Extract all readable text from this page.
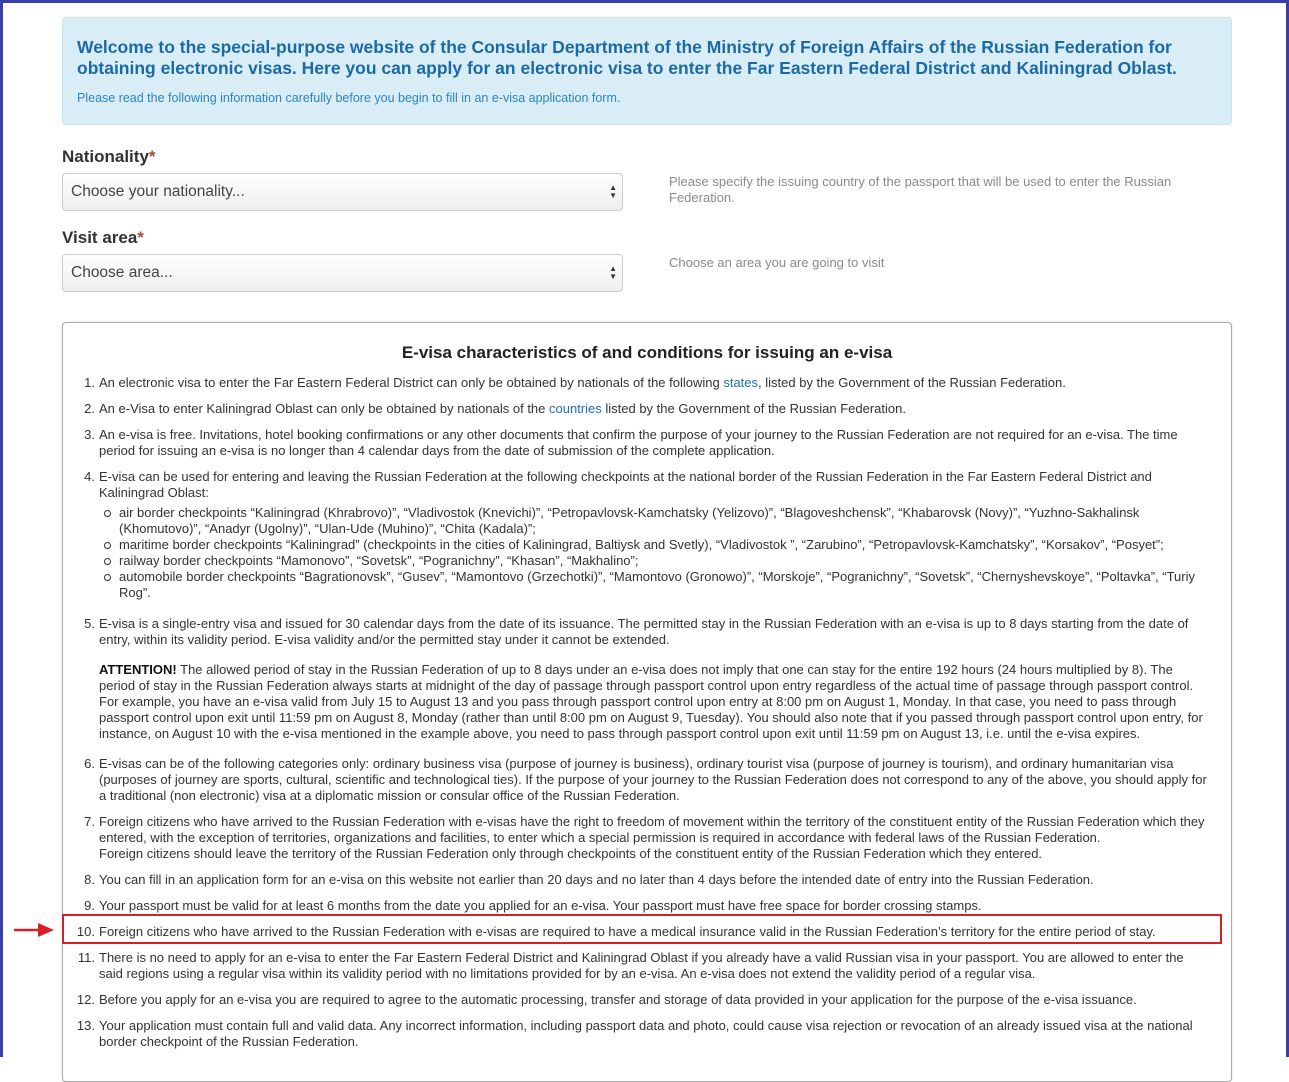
Welcome to the special-purpose website of the Consular Department of the Ministry of Foreign Affairs of the Russian Federation for obtaining electronic visas. Here you can apply for an electronic visa to enter the Far Eastern Federal District and Kaliningrad Oblast.

Please read the following information carefully before you begin to fill in an e-visa application form.

Nationality*
Choose your nationality...	▲
▼
Please specify the issuing country of the passport that will be used to enter the Russian Federation.
Visit area*
Choose area...	▲
▼
Choose an area you are going to visit
E-visa characteristics of and conditions for issuing an e-visa
1. An electronic visa to enter the Far Eastern Federal District can only be obtained by nationals of the following states, listed by the Government of the Russian Federation.
2. An e-Visa to enter Kaliningrad Oblast can only be obtained by nationals of the countries listed by the Government of the Russian Federation.
3. An e-visa is free. Invitations, hotel booking confirmations or any other documents that confirm the purpose of your journey to the Russian Federation are not required for an e-visa. The time period for issuing an e-visa is no longer than 4 calendar days from the date of submission of the complete application.
4. E-visa can be used for entering and leaving the Russian Federation at the following checkpoints at the national border of the Russian Federation in the Far Eastern Federal District and Kaliningrad Oblast:
air border checkpoints “Kaliningrad (Khrabrovo)”, “Vladivostok (Knevichi)”, “Petropavlovsk-Kamchatsky (Yelizovo)”, “Blagoveshchensk”, “Khabarovsk (Novy)”, “Yuzhno-Sakhalinsk (Khomutovo)”, “Anadyr (Ugolny)”, “Ulan-Ude (Muhino)”, “Chita (Kadala)”;
maritime border checkpoints “Kaliningrad” (checkpoints in the cities of Kaliningrad, Baltiysk and Svetly), “Vladivostok ”, “Zarubino”, “Petropavlovsk-Kamchatsky”, “Korsakov”, “Posyet”;
railway border checkpoints “Mamonovo”, “Sovetsk”, “Pogranichny”, “Khasan”, “Makhalino”;
automobile border checkpoints “Bagrationovsk”, “Gusev”, “Mamontovo (Grzechotki)”, “Mamontovo (Gronowo)”, “Morskoje”, “Pogranichny”, “Sovetsk”, “Chernyshevskoye”, “Poltavka”, “Turiy Rog”.
5. E-visa is a single-entry visa and issued for 30 calendar days from the date of its issuance. The permitted stay in the Russian Federation with an e-visa is up to 8 days starting from the date of entry, within its validity period. E-visa validity and/or the permitted stay under it cannot be extended.
ATTENTION! The allowed period of stay in the Russian Federation of up to 8 days under an e-visa does not imply that one can stay for the entire 192 hours (24 hours multiplied by 8). The period of stay in the Russian Federation always starts at midnight of the day of passage through passport control upon entry regardless of the actual time of passage through passport control. For example, you have an e-visa valid from July 15 to August 13 and you pass through passport control upon entry at 8:00 pm on August 1, Monday. In that case, you need to pass through passport control upon exit until 11:59 pm on August 8, Monday (rather than until 8:00 pm on August 9, Tuesday). You should also note that if you passed through passport control upon entry, for instance, on August 10 with the e-visa mentioned in the example above, you need to pass through passport control upon exit until 11:59 pm on August 13, i.e. until the e-visa expires.
6. E-visas can be of the following categories only: ordinary business visa (purpose of journey is business), ordinary tourist visa (purpose of journey is tourism), and ordinary humanitarian visa (purposes of journey are sports, cultural, scientific and technological ties). If the purpose of your journey to the Russian Federation does not correspond to any of the above, you should apply for a traditional (non electronic) visa at a diplomatic mission or consular office of the Russian Federation.
7. Foreign citizens who have arrived to the Russian Federation with e-visas have the right to freedom of movement within the territory of the constituent entity of the Russian Federation which they entered, with the exception of territories, organizations and facilities, to enter which a special permission is required in accordance with federal laws of the Russian Federation.
Foreign citizens should leave the territory of the Russian Federation only through checkpoints of the constituent entity of the Russian Federation which they entered.
8. You can fill in an application form for an e-visa on this website not earlier than 20 days and no later than 4 days before the intended date of entry into the Russian Federation.
9. Your passport must be valid for at least 6 months from the date you applied for an e-visa. Your passport must have free space for border crossing stamps.
10. Foreign citizens who have arrived to the Russian Federation with e-visas are required to have a medical insurance valid in the Russian Federation’s territory for the entire period of stay.
11. There is no need to apply for an e-visa to enter the Far Eastern Federal District and Kaliningrad Oblast if you already have a valid Russian visa in your passport. You are allowed to enter the said regions using a regular visa within its validity period with no limitations provided for by an e-visa. An e-visa does not extend the validity period of a regular visa.
12. Before you apply for an e-visa you are required to agree to the automatic processing, transfer and storage of data provided in your application for the purpose of the e-visa issuance.
13. Your application must contain full and valid data. Any incorrect information, including passport data and photo, could cause visa rejection or revocation of an already issued visa at the national border checkpoint of the Russian Federation.
